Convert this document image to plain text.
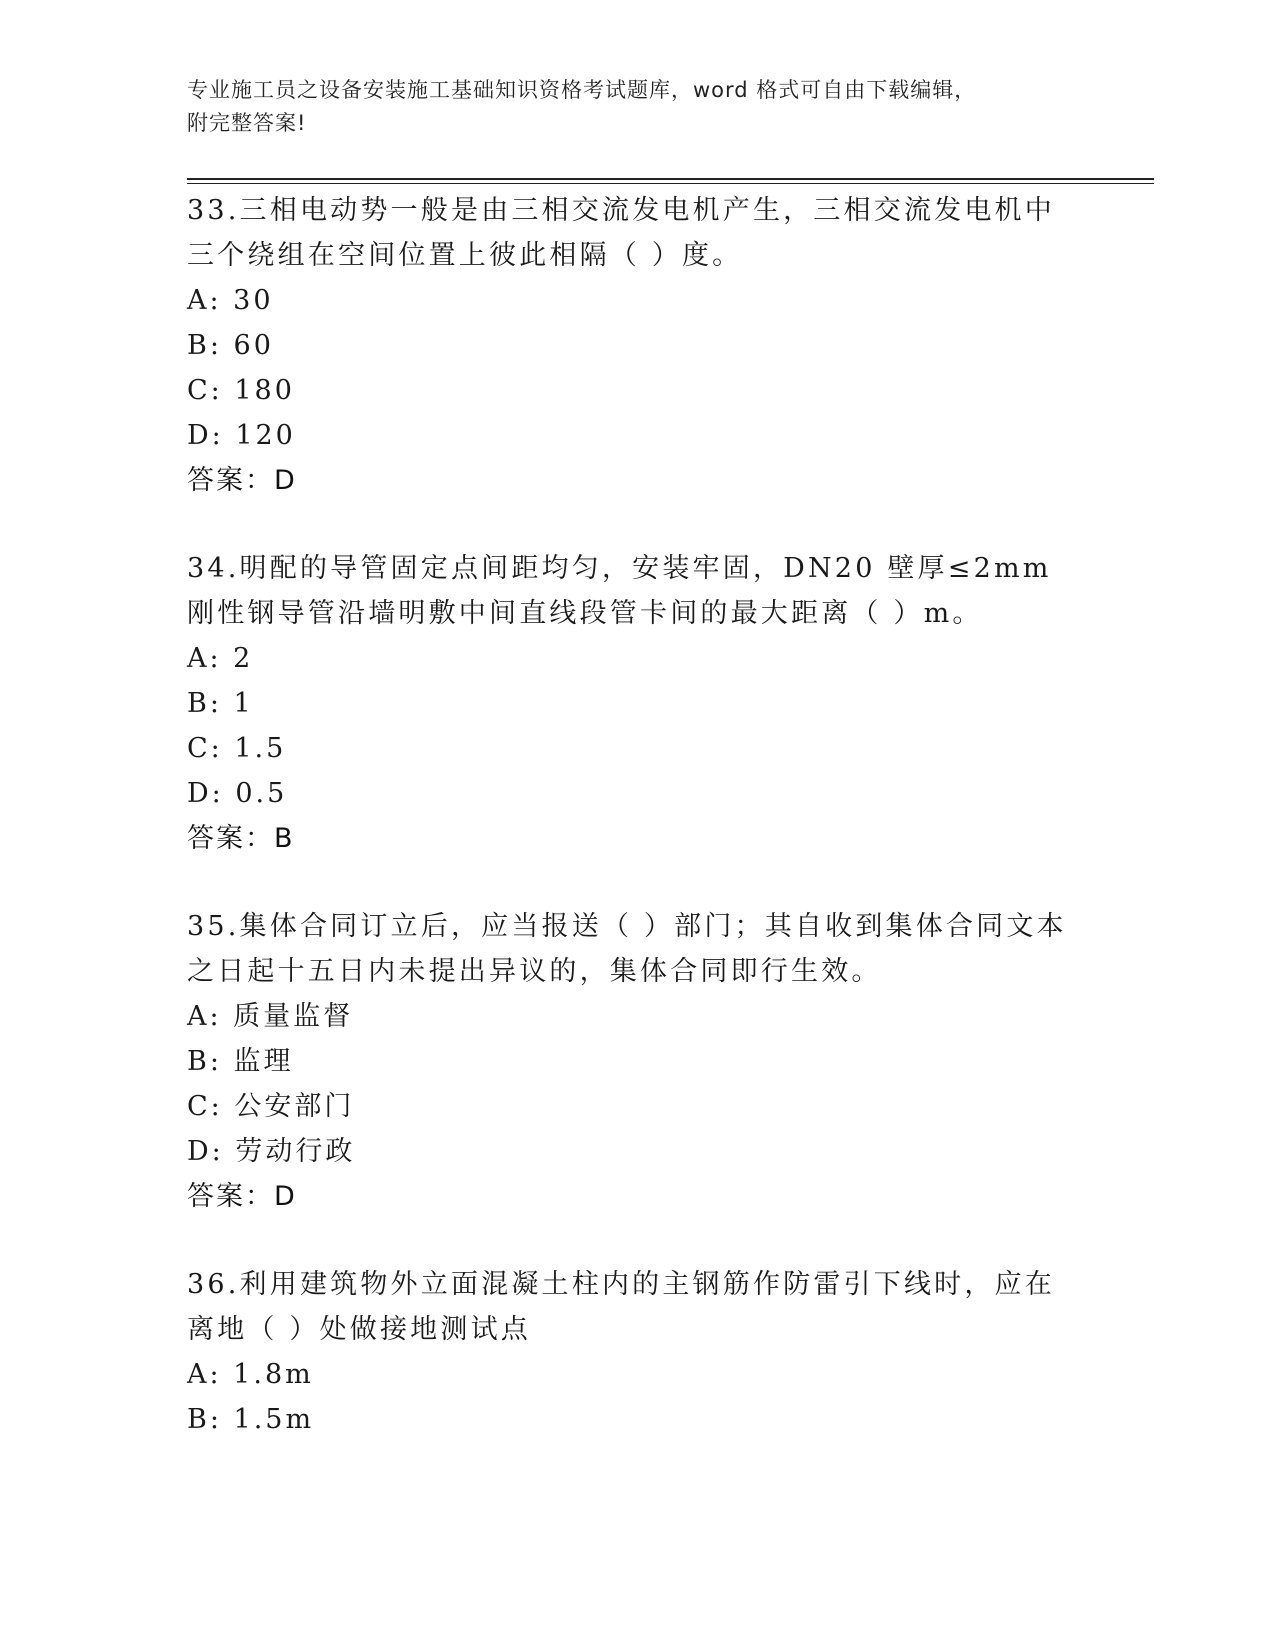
专业施工员之设备安装施工基础知识资格考试题库，word 格式可自由下载编辑，
附完整答案!

33.三相电动势一般是由三相交流发电机产生，三相交流发电机中三个绕组在空间位置上彼此相隔（ ）度。

A: 30
B: 60
C: 180
D: 120
答案：D

34.明配的导管固定点间距均匀，安装牢固，DN20 壁厚≤2mm 刚性钢导管沿墙明敷中间直线段管卡间的最大距离（ ）m。

A: 2
B: 1
C: 1.5
D: 0.5
答案：B

35.集体合同订立后，应当报送（ ）部门；其自收到集体合同文本之日起十五日内未提出异议的，集体合同即行生效。

A: 质量监督
B: 监理
C: 公安部门
D: 劳动行政
答案：D

36.利用建筑物外立面混凝土柱内的主钢筋作防雷引下线时，应在离地（ ）处做接地测试点

A: 1.8m
B: 1.5m
